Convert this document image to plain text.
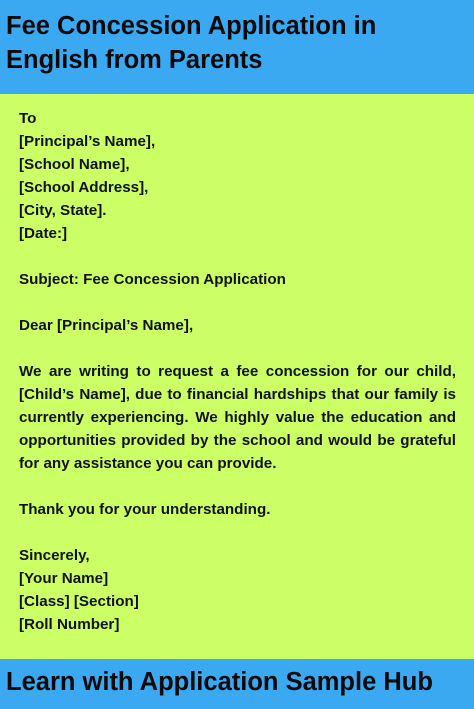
Fee Concession Application in
English from Parents
To
[Principal’s Name],
[School Name],
[School Address],
[City, State].
[Date:]
Subject: Fee Concession Application
Dear [Principal’s Name],

We are writing to request a fee concession for our child, [Child’s Name], due to financial hardships that our family is currently experiencing. We highly value the education and opportunities provided by the school and would be grateful for any assistance you can provide.

Thank you for your understanding.
Sincerely,
[Your Name]
[Class] [Section]
[Roll Number]
Learn with Application Sample Hub
